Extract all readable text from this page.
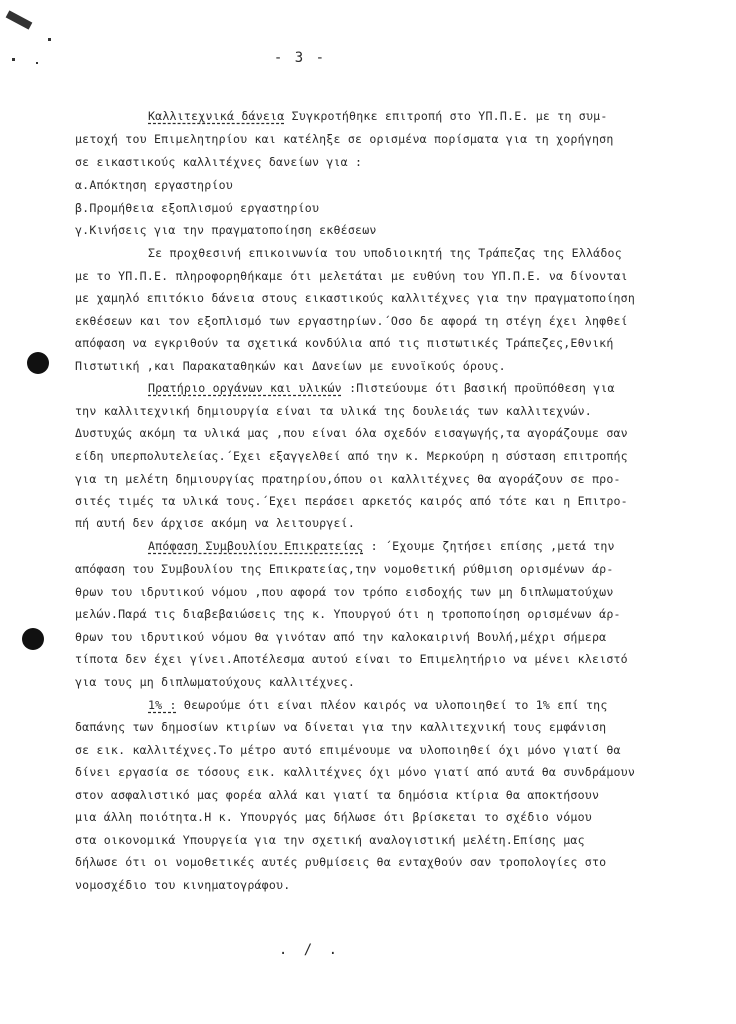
- 3 -
Καλλιτεχνικά δάνεια Συγκροτήθηκε επιτροπή στο ΥΠ.Π.Ε. με τη συμ-
μετοχή του Επιμελητηρίου και κατέληξε σε ορισμένα πορίσματα για τη χορήγηση
σε εικαστικούς καλλιτέχνες δανείων για :
α.Απόκτηση εργαστηρίου
β.Προμήθεια εξοπλισμού εργαστηρίου
γ.Κινήσεις για την πραγματοποίηση εκθέσεων
Σε προχθεσινή επικοινωνία του υποδιοικητή της Τράπεζας της Ελλάδος
με το ΥΠ.Π.Ε. πληροφορηθήκαμε ότι μελετάται με ευθύνη του ΥΠ.Π.Ε. να δίνονται
με χαμηλό επιτόκιο δάνεια στους εικαστικούς καλλιτέχνες για την πραγματοποίηση
εκθέσεων και τον εξοπλισμό των εργαστηρίων.΄Οσο δε αφορά τη στέγη έχει ληφθεί
απόφαση να εγκριθούν τα σχετικά κονδύλια από τις πιστωτικές Τράπεζες,Εθνική
Πιστωτική ,και Παρακαταθηκών και Δανείων με ευνοϊκούς όρους.
Πρατήριο οργάνων και υλικών :Πιστεύουμε ότι βασική προϋπόθεση για
την καλλιτεχνική δημιουργία είναι τα υλικά της δουλειάς των καλλιτεχνών.
Δυστυχώς ακόμη τα υλικά μας ,που είναι όλα σχεδόν εισαγωγής,τα αγοράζουμε σαν
είδη υπερπολυτελείας.΄Εχει εξαγγελθεί από την κ. Μερκούρη η σύσταση επιτροπής
για τη μελέτη δημιουργίας πρατηρίου,όπου οι καλλιτέχνες θα αγοράζουν σε προ-
σιτές τιμές τα υλικά τους.΄Εχει περάσει αρκετός καιρός από τότε και η Επιτρο-
πή αυτή δεν άρχισε ακόμη να λειτουργεί.
Απόφαση Συμβουλίου Επικρατείας : ΄Εχουμε ζητήσει επίσης ,μετά την
απόφαση του Συμβουλίου της Επικρατείας,την νομοθετική ρύθμιση ορισμένων άρ-
θρων του ιδρυτικού νόμου ,που αφορά τον τρόπο εισδοχής των μη διπλωματούχων
μελών.Παρά τις διαβεβαιώσεις της κ. Υπουργού ότι η τροποποίηση ορισμένων άρ-
θρων του ιδρυτικού νόμου θα γινόταν από την καλοκαιρινή Βουλή,μέχρι σήμερα
τίποτα δεν έχει γίνει.Αποτέλεσμα αυτού είναι το Επιμελητήριο να μένει κλειστό
για τους μη διπλωματούχους καλλιτέχνες.
1% : Θεωρούμε ότι είναι πλέον καιρός να υλοποιηθεί το 1% επί της
δαπάνης των δημοσίων κτιρίων να δίνεται για την καλλιτεχνική τους εμφάνιση
σε εικ. καλλιτέχνες.Το μέτρο αυτό επιμένουμε να υλοποιηθεί όχι μόνο γιατί θα
δίνει εργασία σε τόσους εικ. καλλιτέχνες όχι μόνο γιατί από αυτά θα συνδράμουν
στον ασφαλιστικό μας φορέα αλλά και γιατί τα δημόσια κτίρια θα αποκτήσουν
μια άλλη ποιότητα.Η κ. Υπουργός μας δήλωσε ότι βρίσκεται το σχέδιο νόμου
στα οικονομικά Υπουργεία για την σχετική αναλογιστική μελέτη.Επίσης μας
δήλωσε ότι οι νομοθετικές αυτές ρυθμίσεις θα ενταχθούν σαν τροπολογίες στο
νομοσχέδιο του κινηματογράφου.
. / .
